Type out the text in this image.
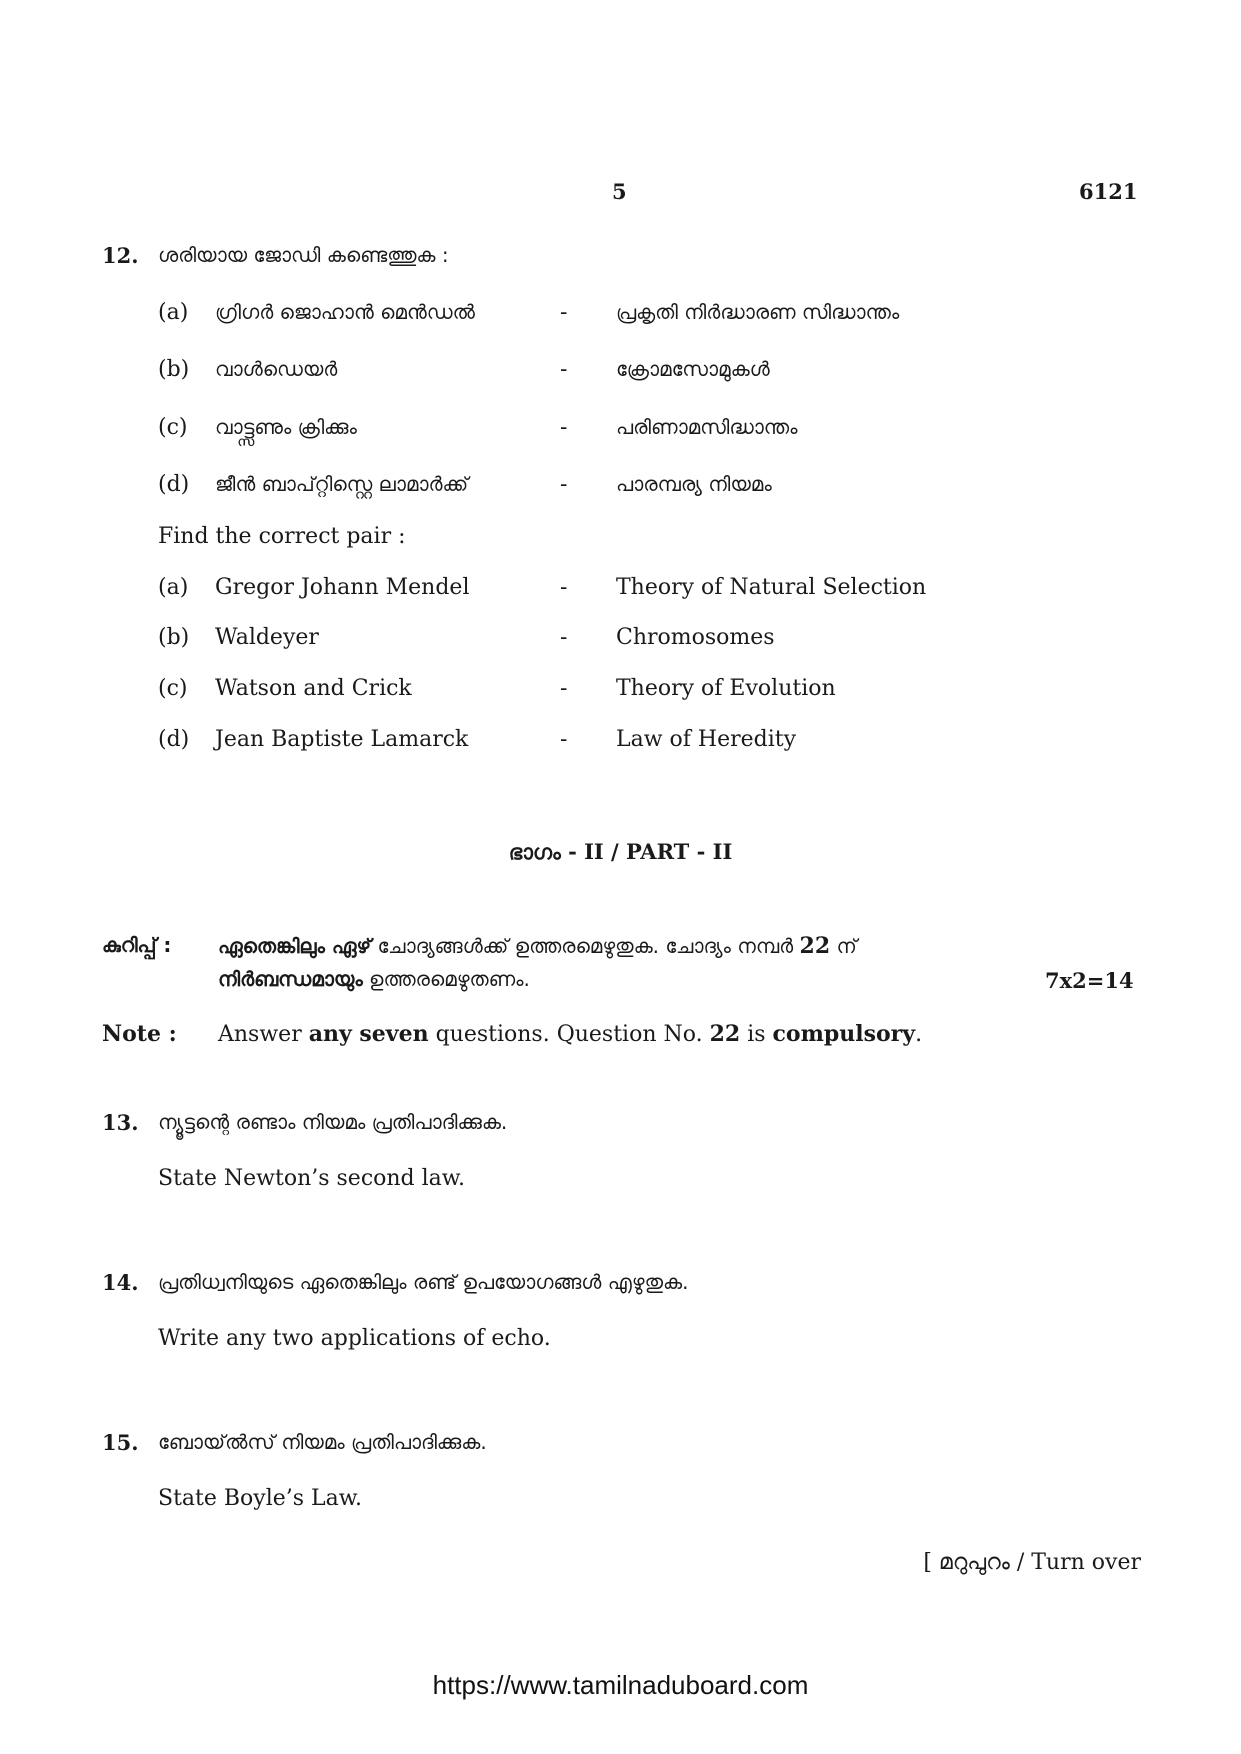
5	6121
12. ശരിയായ ജോഡി കണ്ടെത്തുക :
(a) ഗ്രിഗർ ജൊഹാൻ മെൻഡൽ	- പ്രകൃതി നിർദ്ധാരണ സിദ്ധാന്തം
(b) വാൾഡെയർ	- ക്രോമസോമുകൾ
(c) വാട്ട്സണും ക്രിക്കും	- പരിണാമസിദ്ധാന്തം
(d) ജീൻ ബാപ്റ്റിസ്റ്റെ ലാമാർക്ക്	- പാരമ്പര്യ നിയമം
Find the correct pair :
(a) Gregor Johann Mendel	- Theory of Natural Selection
(b) Waldeyer	- Chromosomes
(c) Watson and Crick	- Theory of Evolution
(d) Jean Baptiste Lamarck	- Law of Heredity
ഭാഗം - II / PART - II
കുറിപ്പ് : ഏതെങ്കിലും ഏഴ് ചോദ്യങ്ങൾക്ക് ഉത്തരമെഴുതുക. ചോദ്യം നമ്പർ 22 ന്
നിർബന്ധമായും ഉത്തരമെഴുതണം.	7x2=14
Note : Answer any seven questions. Question No. 22 is compulsory.
13. ന്യൂട്ടന്റെ രണ്ടാം നിയമം പ്രതിപാദിക്കുക.
State Newton’s second law.
14. പ്രതിധ്വനിയുടെ ഏതെങ്കിലും രണ്ട് ഉപയോഗങ്ങൾ എഴുതുക.
Write any two applications of echo.
15. ബോയ്‌ൽസ് നിയമം പ്രതിപാദിക്കുക.
State Boyle’s Law.
[ മറുപുറം / Turn over
https://www.tamilnaduboard.com
